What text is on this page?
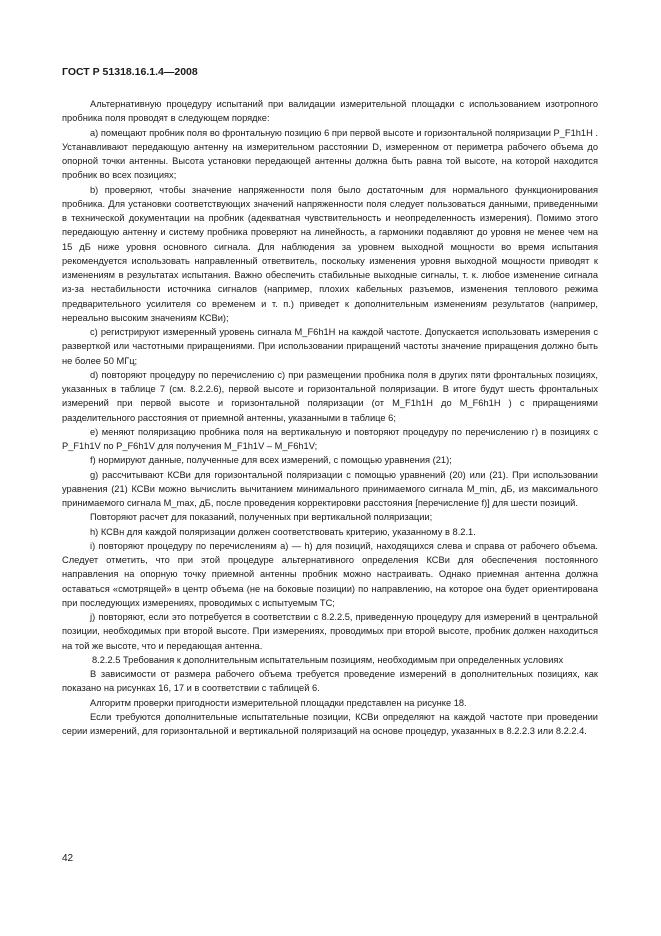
ГОСТ Р 51318.16.1.4—2008

Альтернативную процедуру испытаний при валидации измерительной площадки с использованием изотропного пробника поля проводят в следующем порядке:

a) помещают пробник поля во фронтальную позицию 6 при первой высоте и горизонтальной поляризации P_F1h1H . Устанавливают передающую антенну на измерительном расстоянии D, измеренном от периметра рабочего объема до опорной точки антенны. Высота установки передающей антенны должна быть равна той высоте, на которой находится пробник во всех позициях;

b) проверяют, чтобы значение напряженности поля было достаточным для нормального функционирования пробника. Для установки соответствующих значений напряженности поля следует пользоваться данными, приведенными в технической документации на пробник (адекватная чувствительность и неопределенность измерения). Помимо этого передающую антенну и систему пробника проверяют на линейность, а гармоники подавляют до уровня не менее чем на 15 дБ ниже уровня основного сигнала. Для наблюдения за уровнем выходной мощности во время испытания рекомендуется использовать направленный ответвитель, поскольку изменения уровня выходной мощности приводят к изменениям в результатах испытания. Важно обеспечить стабильные выходные сигналы, т. к. любое изменение сигнала из-за нестабильности источника сигналов (например, плохих кабельных разъемов, изменения теплового режима предварительного усилителя со временем и т. п.) приведет к дополнительным изменениям результатов (например, нереально высоким значениям КСВи);

c) регистрируют измеренный уровень сигнала M_F6h1H на каждой частоте. Допускается использовать измерения с разверткой или частотными приращениями. При использовании приращений частоты значение приращения должно быть не более 50 МГц;

d) повторяют процедуру по перечислению c) при размещении пробника поля в других пяти фронтальных позициях, указанных в таблице 7 (см. 8.2.2.6), первой высоте и горизонтальной поляризации. В итоге будут шесть фронтальных измерений при первой высоте и горизонтальной поляризации (от M_F1h1H до M_F6h1H ) с приращениями разделительного расстояния от приемной антенны, указанными в таблице 6;

e) меняют поляризацию пробника поля на вертикальную и повторяют процедуру по перечислению г) в позициях с P_F1h1V по P_F6h1V для получения M_F1h1V – M_F6h1V;

f) нормируют данные, полученные для всех измерений, с помощью уравнения (21);

g) рассчитывают КСВи для горизонтальной поляризации с помощью уравнений (20) или (21). При использовании уравнения (21) КСВи можно вычислить вычитанием минимального принимаемого сигнала M_min, дБ, из максимального принимаемого сигнала M_max, дБ, после проведения корректировки расстояния [перечисление f)] для шести позиций.

Повторяют расчет для показаний, полученных при вертикальной поляризации;

h) КСВн для каждой поляризации должен соответствовать критерию, указанному в 8.2.1.

i) повторяют процедуру по перечислениям a) — h) для позиций, находящихся слева и справа от рабочего объема. Следует отметить, что при этой процедуре альтернативного определения КСВи для обеспечения постоянного направления на опорную точку приемной антенны пробник можно настраивать. Однако приемная антенна должна оставаться «смотрящей» в центр объема (не на боковые позиции) по направлению, на которое она будет ориентирована при последующих измерениях, проводимых с испытуемым ТС;

j) повторяют, если это потребуется в соответствии с 8.2.2.5, приведенную процедуру для измерений в центральной позиции, необходимых при второй высоте. При измерениях, проводимых при второй высоте, пробник должен находиться на той же высоте, что и передающая антенна.

8.2.2.5 Требования к дополнительным испытательным позициям, необходимым при определенных условиях

В зависимости от размера рабочего объема требуется проведение измерений в дополнительных позициях, как показано на рисунках 16, 17 и в соответствии с таблицей 6.

Алгоритм проверки пригодности измерительной площадки представлен на рисунке 18.

Если требуются дополнительные испытательные позиции, КСВи определяют на каждой частоте при проведении серии измерений, для горизонтальной и вертикальной поляризаций на основе процедур, указанных в 8.2.2.3 или 8.2.2.4.

42
